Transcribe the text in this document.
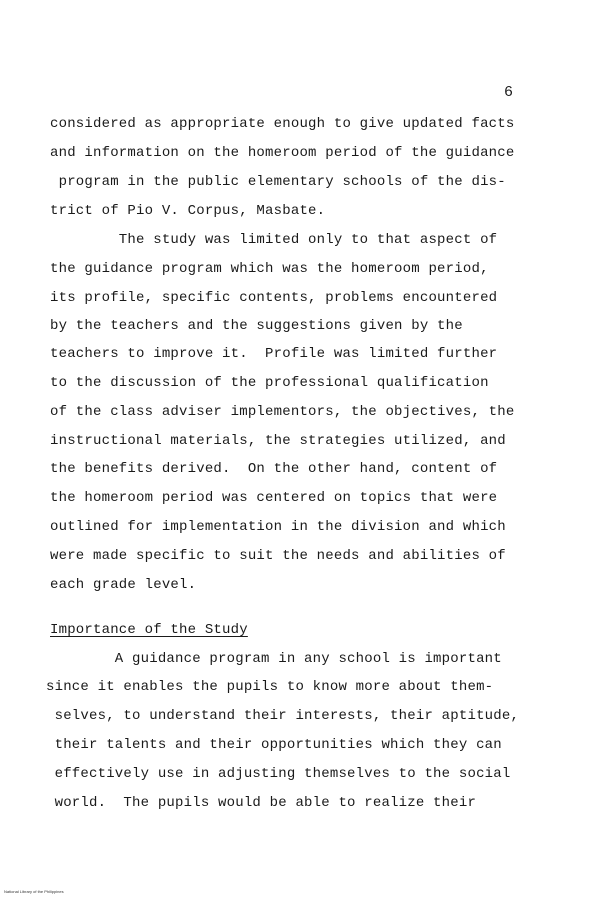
6
considered as appropriate enough to give updated facts
and information on the homeroom period of the guidance
program in the public elementary schools of the dis-
trict of Pio V. Corpus, Masbate.
The study was limited only to that aspect of
the guidance program which was the homeroom period,
its profile, specific contents, problems encountered
by the teachers and the suggestions given by the
teachers to improve it.  Profile was limited further
to the discussion of the professional qualification
of the class adviser implementors, the objectives, the
instructional materials, the strategies utilized, and
the benefits derived.  On the other hand, content of
the homeroom period was centered on topics that were
outlined for implementation in the division and which
were made specific to suit the needs and abilities of
each grade level.
Importance of the Study
A guidance program in any school is important
since it enables the pupils to know more about them-
selves, to understand their interests, their aptitude,
their talents and their opportunities which they can
effectively use in adjusting themselves to the social
world.  The pupils would be able to realize their
National Library of the Philippines
